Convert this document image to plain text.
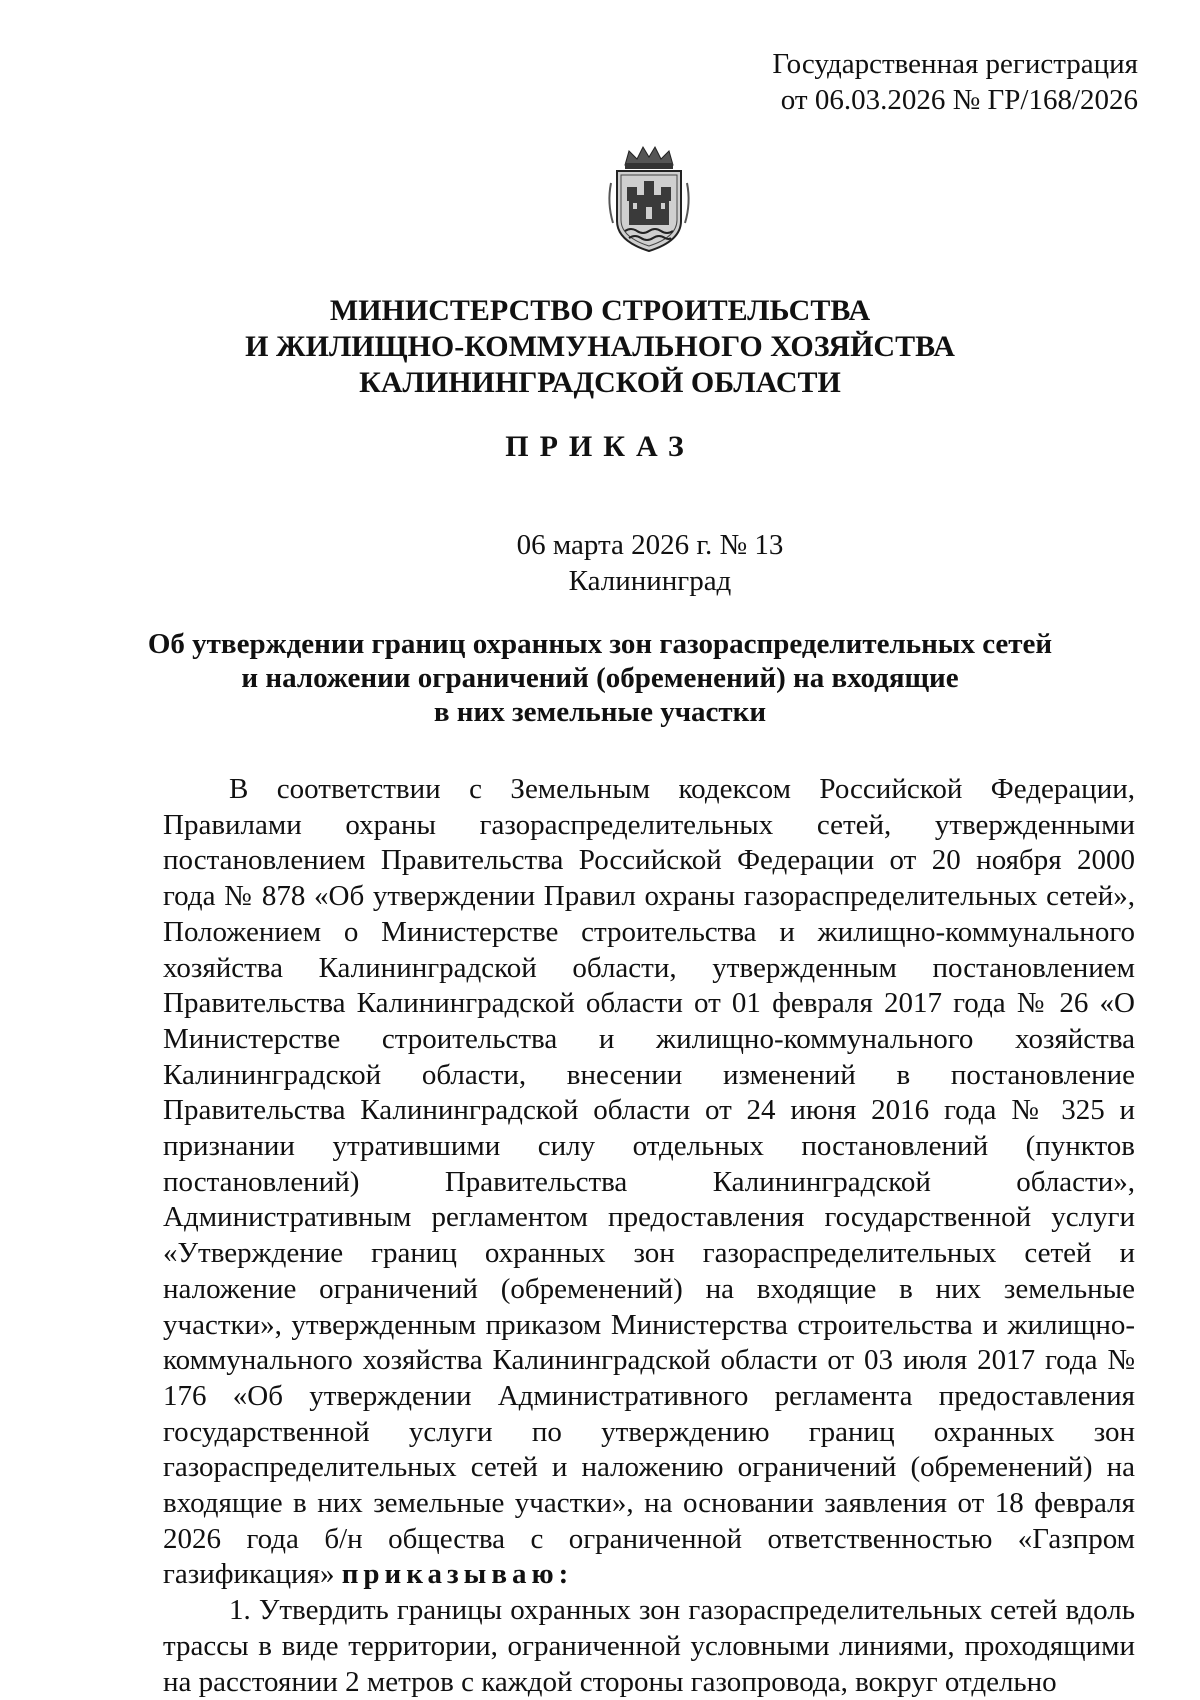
Государственная регистрация
от 06.03.2026 № ГР/168/2026
МИНИСТЕРСТВО СТРОИТЕЛЬСТВА
И ЖИЛИЩНО-КОММУНАЛЬНОГО ХОЗЯЙСТВА
КАЛИНИНГРАДСКОЙ ОБЛАСТИ
ПРИКАЗ
06 марта 2026 г. № 13
Калининград
Об утверждении границ охранных зон газораспределительных сетей
и наложении ограничений (обременений) на входящие
в них земельные участки

В соответствии с Земельным кодексом Российской Федерации, Правилами охраны газораспределительных сетей, утвержденными постановлением Правительства Российской Федерации от 20 ноября 2000 года № 878 «Об утверждении Правил охраны газораспределительных сетей», Положением о Министерстве строительства и жилищно-коммунального хозяйства Калининградской области, утвержденным постановлением Правительства Калининградской области от 01 февраля 2017 года № 26 «О Министерстве строительства и жилищно-коммунального хозяйства Калининградской области, внесении изменений в постановление Правительства Калининградской области от 24 июня 2016 года № 325 и признании утратившими силу отдельных постановлений (пунктов постановлений) Правительства Калининградской области», Административным регламентом предоставления государственной услуги «Утверждение границ охранных зон газораспределительных сетей и наложение ограничений (обременений) на входящие в них земельные участки», утвержденным приказом Министерства строительства и жилищно-коммунального хозяйства Калининградской области от 03 июля 2017 года № 176 «Об утверждении Административного регламента предоставления государственной услуги по утверждению границ охранных зон газораспределительных сетей и наложению ограничений (обременений) на входящие в них земельные участки», на основании заявления от 18 февраля 2026 года б/н общества с ограниченной ответственностью «Газпром газификация» приказываю:

1. Утвердить границы охранных зон газораспределительных сетей вдоль трассы в виде территории, ограниченной условными линиями, проходящими на расстоянии 2 метров с каждой стороны газопровода, вокруг отдельно
